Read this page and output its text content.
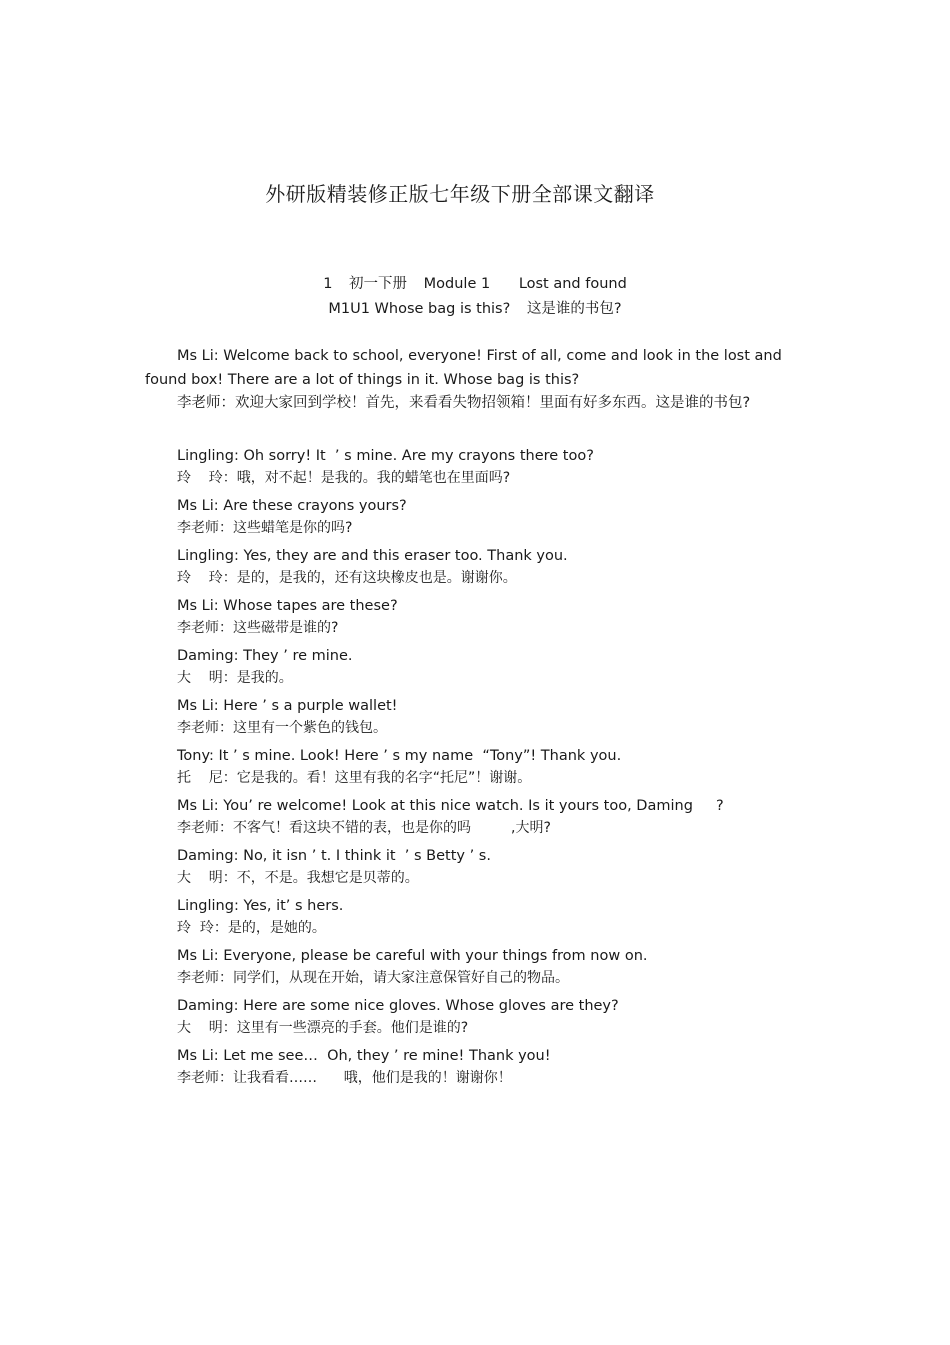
外研版精装修正版七年级下册全部课文翻译
1 初一下册 Module 1 Lost and found
M1U1 Whose bag is this? 这是谁的书包?
Ms Li: Welcome back to school, everyone! First of all, come and look in the lost and found box! There are a lot of things in it. Whose bag is this?
李老师：欢迎大家回到学校！首先，来看看失物招领箱！里面有好多东西。这是谁的书包?
Lingling: Oh sorry! It  ’ s mine. Are my crayons there too?
玲    玲：哦，对不起！是我的。我的蜡笔也在里面吗?
Ms Li: Are these crayons yours?
李老师：这些蜡笔是你的吗?
Lingling: Yes, they are and this eraser too. Thank you.
玲    玲：是的，是我的，还有这块橡皮也是。谢谢你。
Ms Li: Whose tapes are these?
李老师：这些磁带是谁的?
Daming: They ’ re mine.
大    明：是我的。
Ms Li: Here ’ s a purple wallet!
李老师：这里有一个紫色的钱包。
Tony: It ’ s mine. Look! Here ’ s my name  “Tony”! Thank you.
托    尼：它是我的。看！这里有我的名字“托尼”！谢谢。
Ms Li: You’ re welcome! Look at this nice watch. Is it yours too, Daming     ?
李老师：不客气！看这块不错的表，也是你的吗         ,大明?
Daming: No, it isn ’ t. I think it  ’ s Betty ’ s.
大    明：不，不是。我想它是贝蒂的。
Lingling: Yes, it’ s hers.
玲  玲：是的，是她的。
Ms Li: Everyone, please be careful with your things from now on.
李老师：同学们，从现在开始，请大家注意保管好自己的物品。
Daming: Here are some nice gloves. Whose gloves are they?
大    明：这里有一些漂亮的手套。他们是谁的?
Ms Li: Let me see…  Oh, they ’ re mine! Thank you!
李老师：让我看看……      哦，他们是我的！谢谢你！
